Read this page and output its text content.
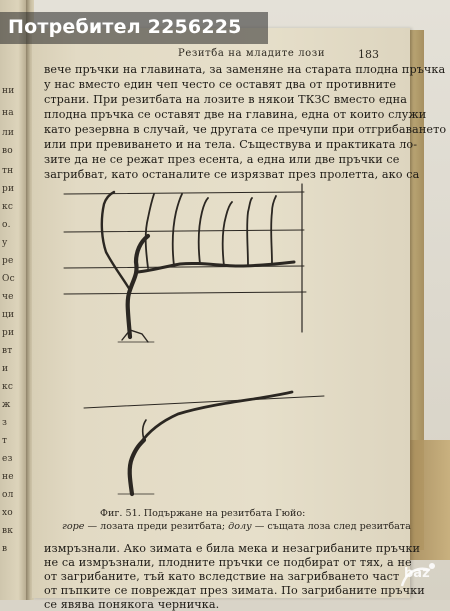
ни
на
ли
во
тн
ри
кс
о.
у
ре
Ос
че
ци
ри
вт
и
кс
ж
з
т
ез
не
ол
хо
вк
в
Резитба на младите лози	183
вече пръчки на главината, за заменяне на старата плодна пръчка
у нас вместо един чеп често се оставят два от противните
страни. При резитбата на лозите в някои ТКЗС вместо една
плодна пръчка се оставят две на главина, една от които служи
като резервна в случай, че другата се пречупи при отгрибаването
или при превиването и на тела. Съществува и практиката ло-
зите да не се режат през есента, а една или две пръчки се
загрибват, като останалите се изрязват през пролетта, ако са
Фиг. 51. Подържане на резитбата Гюйо:
горе — лозата преди резитбата; долу — същата лоза след резитбата
измръзнали. Ако зимата е била мека и незагрибаните пръчки
не са измръзнали, плодните пръчки се подбират от тях, а не
от загрибаните, тъй като вследствие на загрибването част
от пъпките се повреждат през зимата. По загрибаните пръчки
се явява понякога черничка.
Потребител 2256225
baz
